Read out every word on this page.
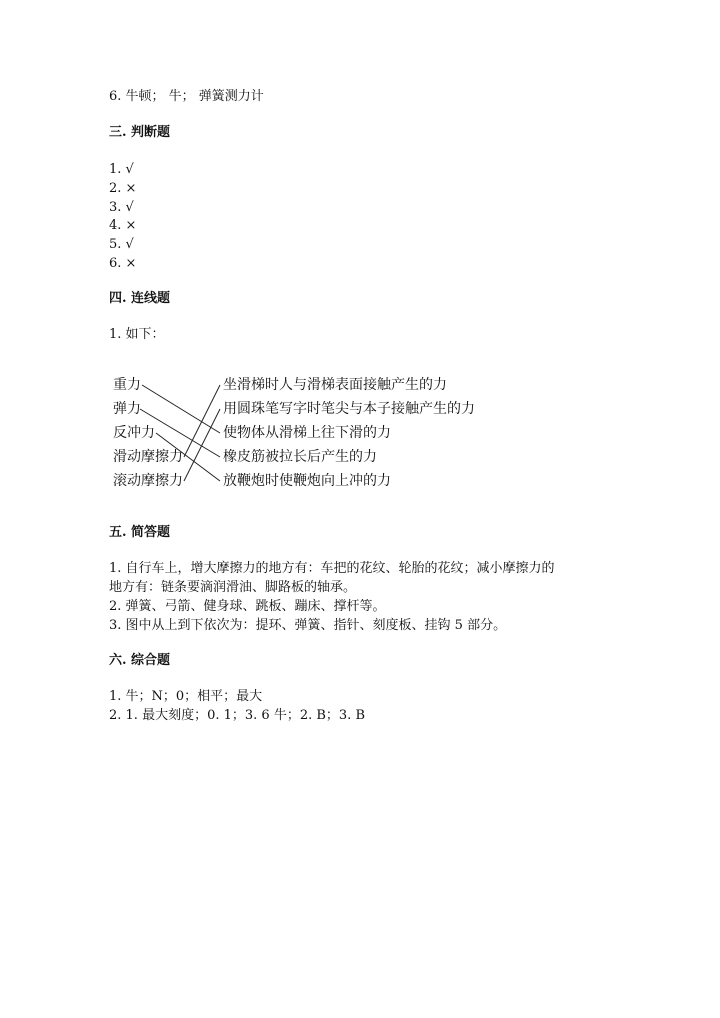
6. 牛顿； 牛； 弹簧测力计
三. 判断题
1. √
2. ×
3. √
4. ×
5. √
6. ×
四. 连线题
1. 如下：
重力
弹力
反冲力
滑动摩擦力
滚动摩擦力
坐滑梯时人与滑梯表面接触产生的力
用圆珠笔写字时笔尖与本子接触产生的力
使物体从滑梯上往下滑的力
橡皮筋被拉长后产生的力
放鞭炮时使鞭炮向上冲的力
五. 简答题
1. 自行车上，增大摩擦力的地方有：车把的花纹、轮胎的花纹；减小摩擦力的
地方有：链条要滴润滑油、脚路板的轴承。
2. 弹簧、弓箭、健身球、跳板、蹦床、撑杆等。
3. 图中从上到下依次为：提环、弹簧、指针、刻度板、挂钩 5 部分。
六. 综合题
1. 牛；N；0；相平；最大
2. 1. 最大刻度；0. 1；3. 6 牛；2. B；3. B
